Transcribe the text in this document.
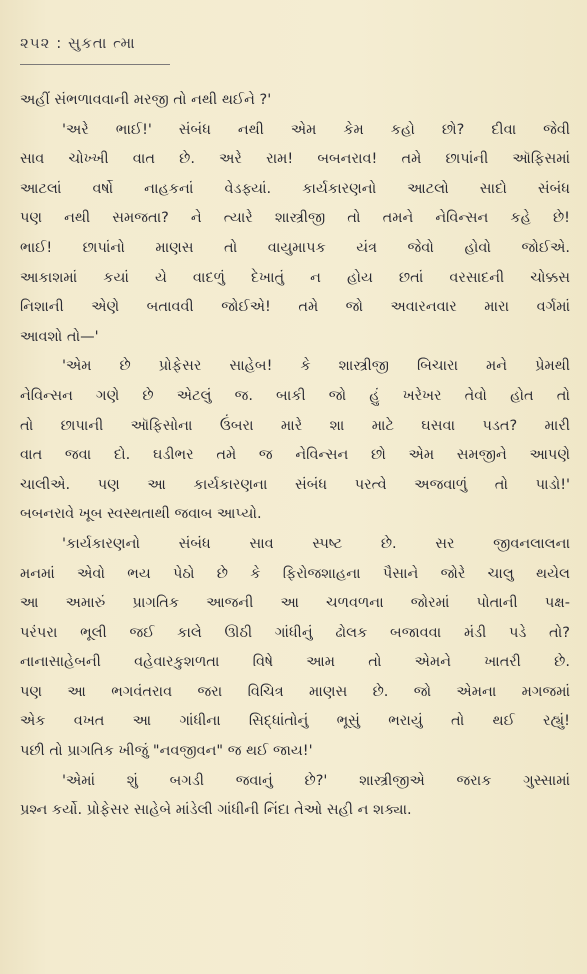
૨૫૨ : સુકતા ત્મા
અહીં સંભળાવવાની મરજી તો નથી થઈને ?'
'અરે ભાઈ!' સંબંધ નથી એમ કેમ કહો છો? દીવા જેવી
સાવ ચોખ્ખી વાત છે. અરે રામ! બબનરાવ! તમે છાપાંની ઑફિસમાં
આટલાં વર્ષો નાહકનાં વેડફ્યાં. કાર્યકારણનો આટલો સાદો સંબંધ
પણ નથી સમજતા? ને ત્યારે શાસ્ત્રીજી તો તમને નેવિન્સન કહે છે!
ભાઈ! છાપાંનો માણસ તો વાયુમાપક યંત્ર જેવો હોવો જોઈએ.
આકાશમાં કયાં યે વાદળું દેખાતું ન હોય છતાં વરસાદની ચોક્કસ
નિશાની એણે બતાવવી જોઈએ! તમે જો અવારનવાર મારા વર્ગમાં
આવશો તો—'
'એમ છે પ્રોફેસર સાહેબ! કે શાસ્ત્રીજી બિચારા મને પ્રેમથી
નેવિન્સન ગણે છે એટલું જ. બાકી જો હું ખરેખર તેવો હોત તો
તો છાપાની ઑફિસોના ઉંબરા મારે શા માટે ઘસવા પડત? મારી
વાત જવા દો. ઘડીભર તમે જ નેવિન્સન છો એમ સમજીને આપણે
ચાલીએ. પણ આ કાર્યકારણના સંબંધ પરત્વે અજવાળું તો પાડો!'
બબનરાવે ખૂબ સ્વસ્થતાથી જવાબ આપ્યો.
'કાર્યકારણનો સંબંધ સાવ સ્પષ્ટ છે. સર જીવનલાલના
મનમાં એવો ભય પેઠો છે કે ફિરોજશાહના પૈસાને જોરે ચાલુ થયેલ
આ અમારું પ્રાગતિક આજની આ ચળવળના જોરમાં પોતાની પક્ષ-
પરંપરા ભૂલી જઈ કાલે ઊઠી ગાંધીનું ઢોલક બજાવવા મંડી પડે તો?
નાનાસાહેબની વહેવારકુશળતા વિષે આમ તો એમને ખાતરી છે.
પણ આ ભગવંતરાવ જરા વિચિત્ર માણસ છે. જો એમના મગજમાં
એક વખત આ ગાંધીના સિદ્ધાંતોનું ભૂસું ભરાયું તો થઈ રહ્યું!
પછી તો પ્રાગતિક ખીજું "નવજીવન" જ થઈ જાય!'
'એમાં શું બગડી જવાનું છે?' શાસ્ત્રીજીએ જરાક ગુસ્સામાં
પ્રશ્ન કર્યો. પ્રોફેસર સાહેબે માંડેલી ગાંધીની નિંદા તેઓ સહી ન શક્યા.
